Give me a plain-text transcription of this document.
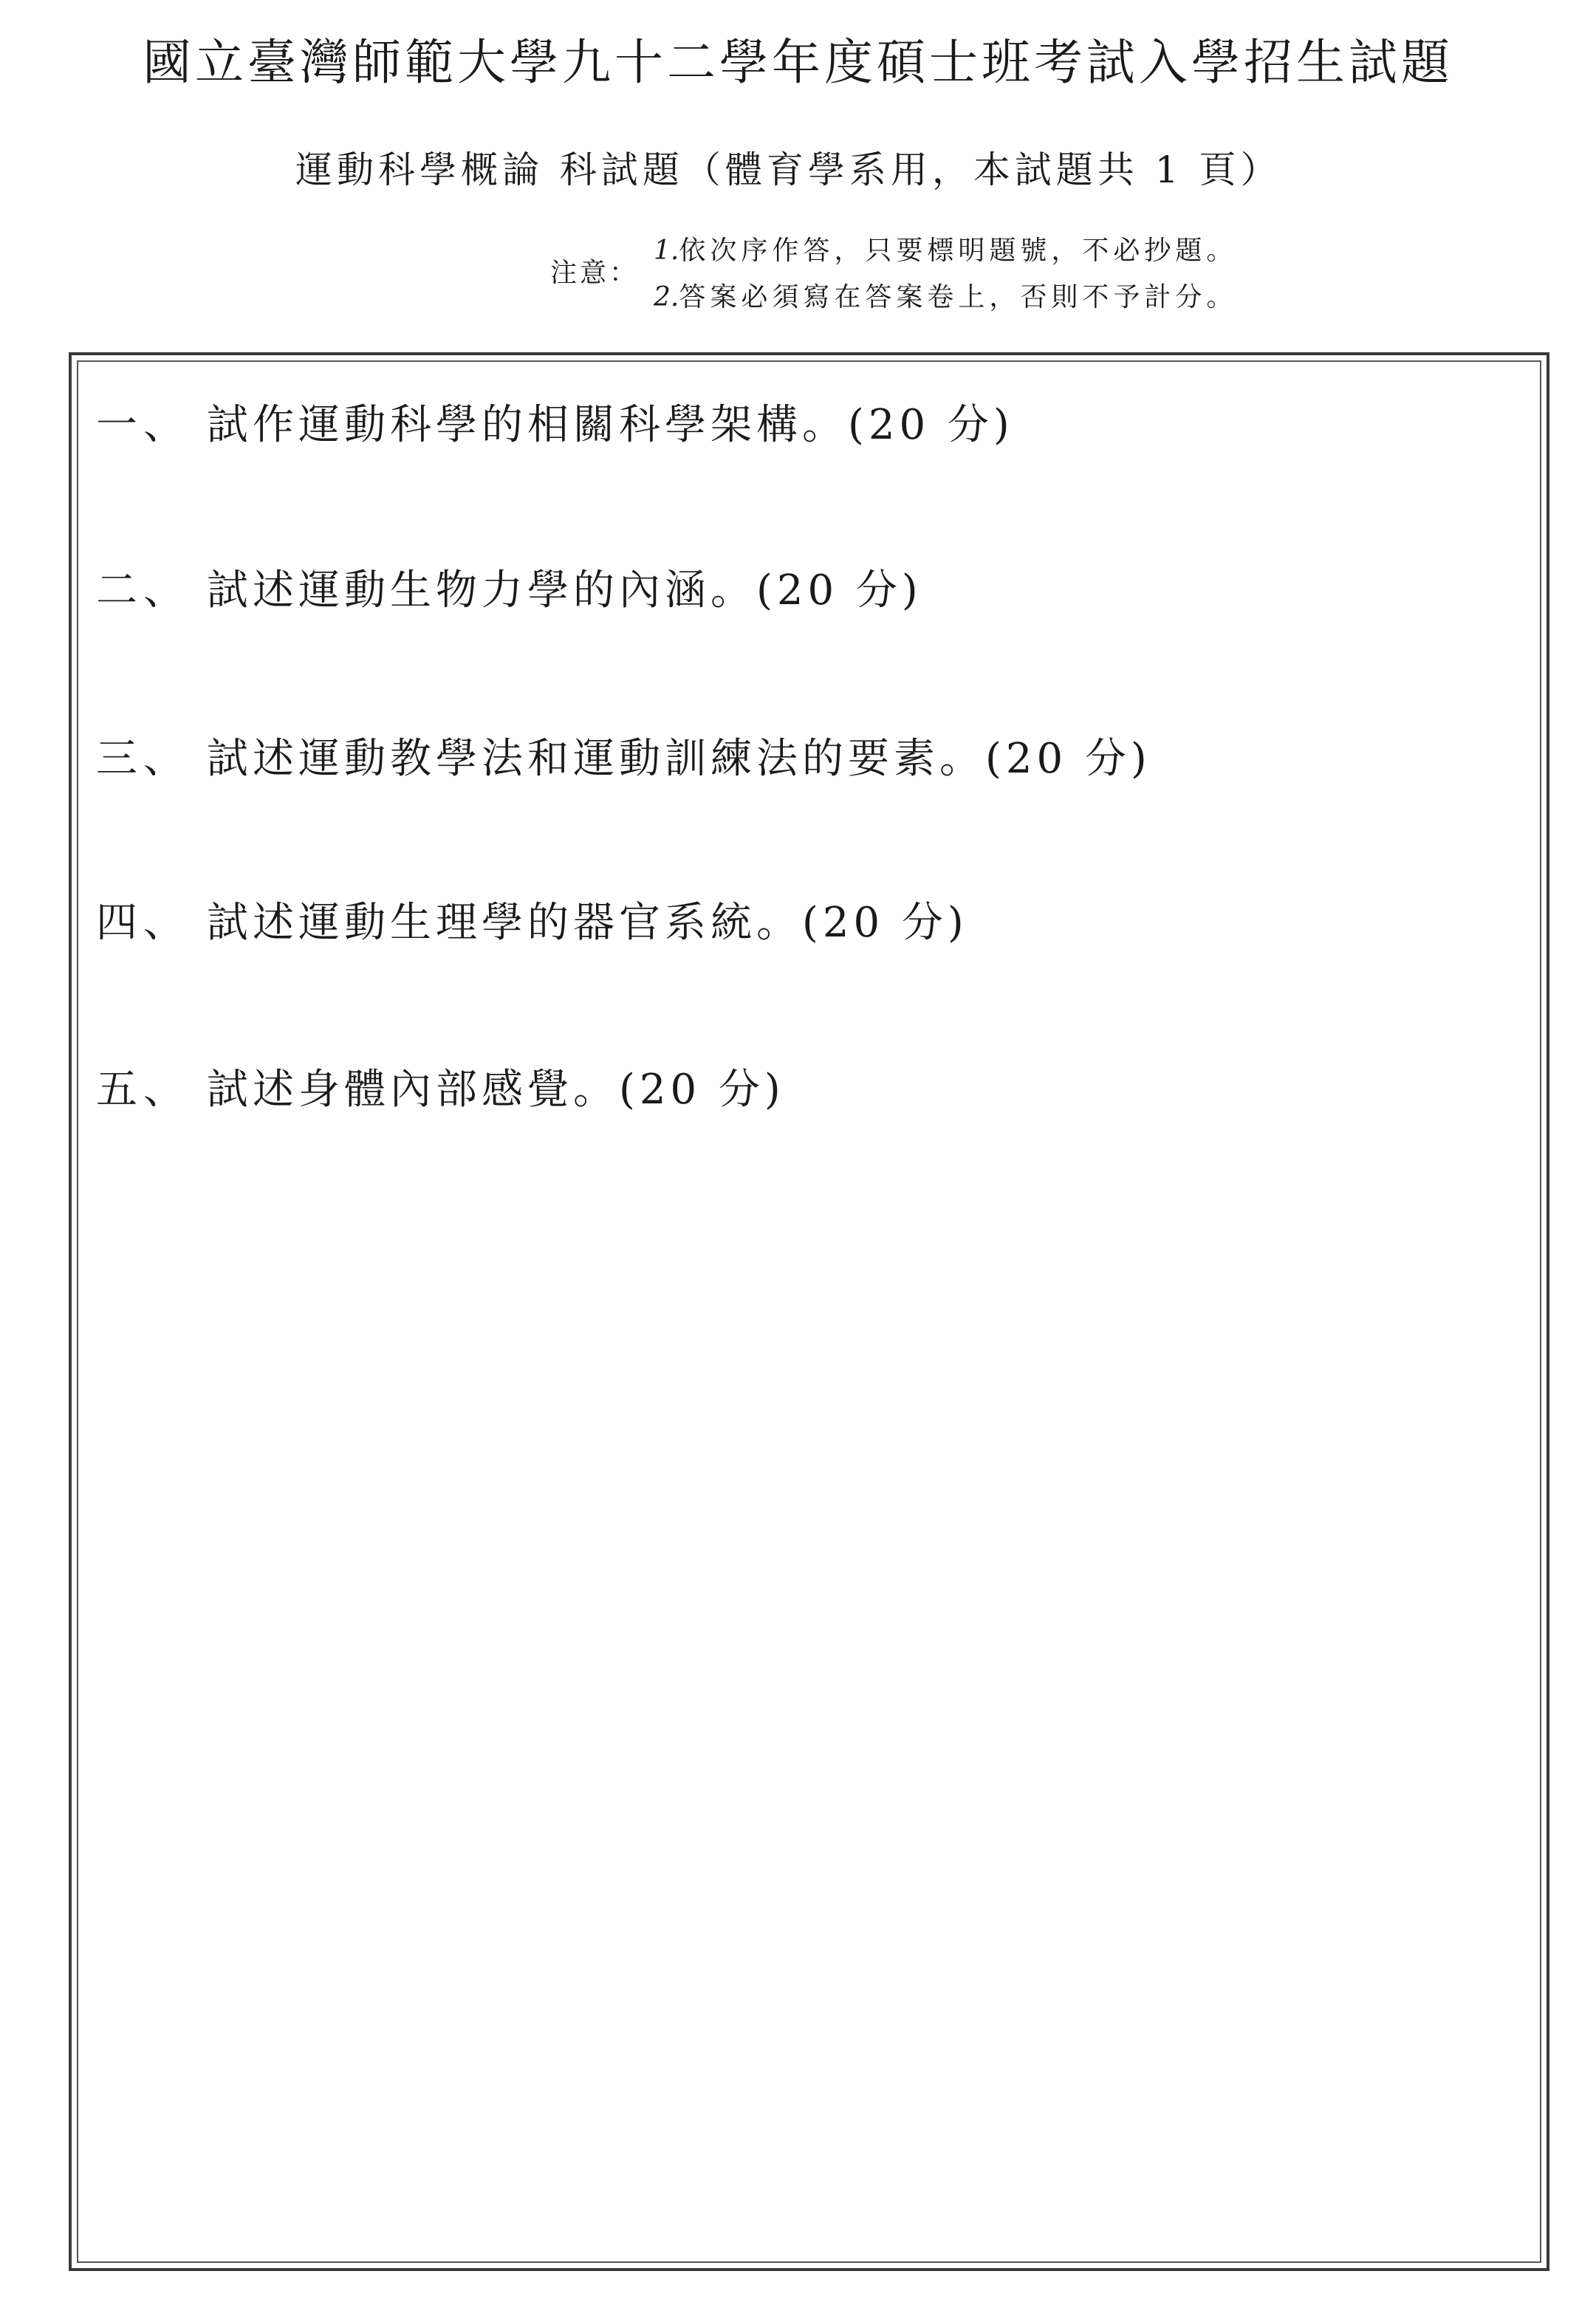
國立臺灣師範大學九十二學年度碩士班考試入學招生試題
運動科學概論 科試題（體育學系用，本試題共 1 頁）
注意：
1.依次序作答，只要標明題號，不必抄題。
2.答案必須寫在答案卷上，否則不予計分。
一、 試作運動科學的相關科學架構。(20 分)
二、 試述運動生物力學的內涵。(20 分)
三、 試述運動教學法和運動訓練法的要素。(20 分)
四、 試述運動生理學的器官系統。(20 分)
五、 試述身體內部感覺。(20 分)
